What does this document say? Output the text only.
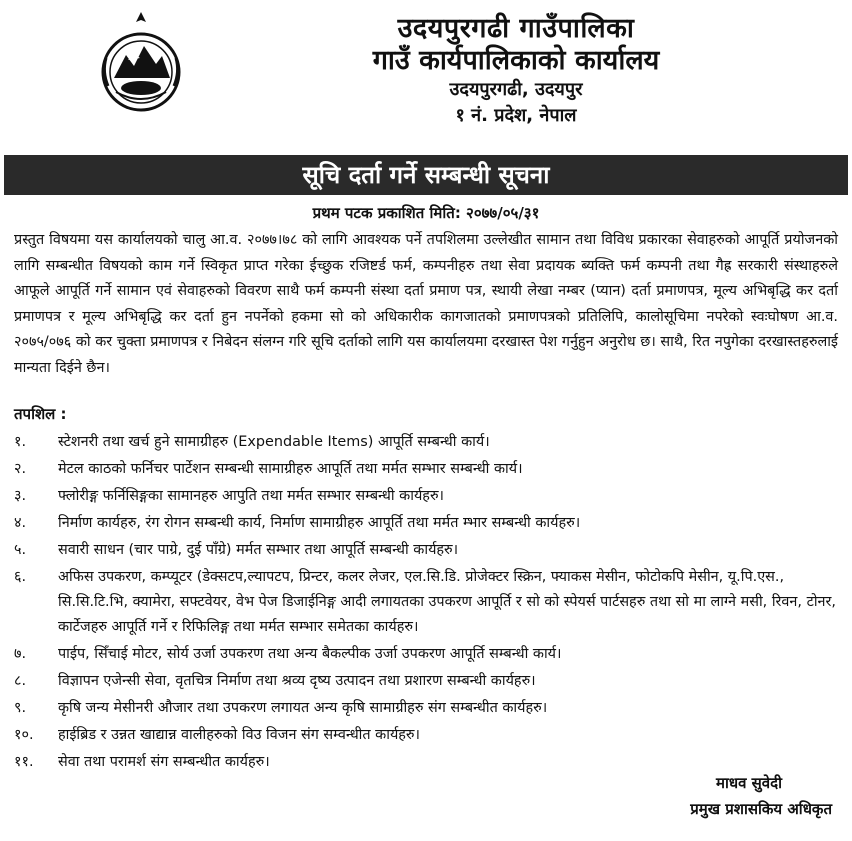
उदयपुरगढी गाउँपालिका
गाउँ कार्यपालिकाको कार्यालय
उदयपुरगढी, उदयपुर
१ नं. प्रदेश, नेपाल
सूचि दर्ता गर्ने सम्बन्धी सूचना
प्रथम पटक प्रकाशित मिति: २०७७/०५/३१
प्रस्तुत विषयमा यस कार्यालयको चालु आ.व. २०७७।७८ को लागि आवश्यक पर्ने तपशिलमा उल्लेखीत सामान तथा विविध प्रकारका सेवाहरुको आपूर्ति प्रयोजनको लागि सम्बन्धीत विषयको काम गर्ने स्विकृत प्राप्त गरेका ईच्छुक रजिष्टर्ड फर्म, कम्पनीहरु तथा सेवा प्रदायक ब्यक्ति फर्म कम्पनी तथा गैह्र सरकारी संस्थाहरुले आफूले आपूर्ति गर्ने सामान एवं सेवाहरुको विवरण साथै फर्म कम्पनी संस्था दर्ता प्रमाण पत्र, स्थायी लेखा नम्बर (प्यान) दर्ता प्रमाणपत्र, मूल्य अभिबृद्धि कर दर्ता प्रमाणपत्र र मूल्य अभिबृद्धि कर दर्ता हुन नपर्नेको हकमा सो को अधिकारीक कागजातको प्रमाणपत्रको प्रतिलिपि, कालोसूचिमा नपरेको स्वःघोषण आ.व. २०७५/०७६ को कर चुक्ता प्रमाणपत्र र निबेदन संलग्न गरि सूचि दर्ताको लागि यस कार्यालयमा दरखास्त पेश गर्नुहुन अनुरोध छ। साथै, रित नपुगेका दरखास्तहरुलाई मान्यता दिईने छैन।
तपशिल :
१.	स्टेशनरी तथा खर्च हुने सामाग्रीहरु (Expendable Items) आपूर्ति सम्बन्धी कार्य।
२.	मेटल काठको फर्निचर पार्टेशन सम्बन्धी सामाग्रीहरु आपूर्ति तथा मर्मत सम्भार सम्बन्धी कार्य।
३.	फ्लोरीङ्ग फर्निसिङ्गका सामानहरु आपुति तथा मर्मत सम्भार सम्बन्धी कार्यहरु।
४.	निर्माण कार्यहरु, रंग रोगन सम्बन्धी कार्य, निर्माण सामाग्रीहरु आपूर्ति तथा मर्मत म्भार सम्बन्धी कार्यहरु।
५.	सवारी साधन (चार पाग्रे, दुई पाँग्रे) मर्मत सम्भार तथा आपूर्ति सम्बन्धी कार्यहरु।
६.	अफिस उपकरण, कम्प्यूटर (डेक्सटप,ल्यापटप, प्रिन्टर, कलर लेजर, एल.सि.डि. प्रोजेक्टर स्क्रिन, फ्याकस मेसीन, फोटोकपि मेसीन, यू.पि.एस., सि.सि.टि.भि, क्यामेरा, सफ्टवेयर, वेभ पेज डिजाईनिङ्ग आदी लगायतका उपकरण आपूर्ति र सो को स्पेयर्स पार्टसहरु तथा सो मा लाग्ने मसी, रिवन, टोनर, कार्टेजहरु आपूर्ति गर्ने र रिफिलिङ्ग तथा मर्मत सम्भार समेतका कार्यहरु।
७.	पाईप, सिँचाई मोटर, सोर्य उर्जा उपकरण तथा अन्य बैकल्पीक उर्जा उपकरण आपूर्ति सम्बन्धी कार्य।
८.	विज्ञापन एजेन्सी सेवा, वृतचित्र निर्माण तथा श्रव्य दृष्य उत्पादन तथा प्रशारण सम्बन्धी कार्यहरु।
९.	कृषि जन्य मेसीनरी औजार तथा उपकरण लगायत अन्य कृषि सामाग्रीहरु संग सम्बन्धीत कार्यहरु।
१०.	हाईब्रिड र उन्नत खाद्यान्न वालीहरुको विउ विजन संग सम्वन्धीत कार्यहरु।
११.	सेवा तथा परामर्श संग सम्बन्धीत कार्यहरु।
माधव सुवेदी
प्रमुख प्रशासकिय अधिकृत
